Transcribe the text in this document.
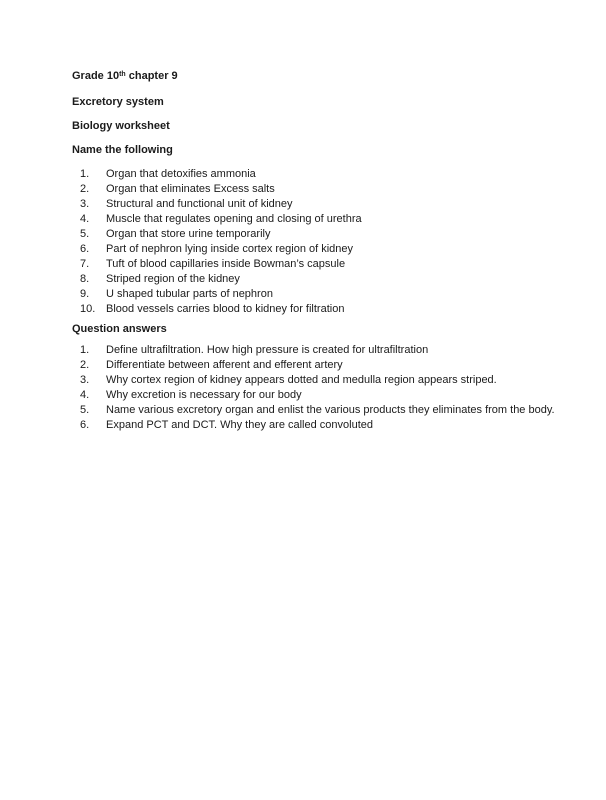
Grade 10th chapter 9

Excretory system

Biology worksheet

Name the following

1.	Organ that detoxifies ammonia
2.	Organ that eliminates Excess salts
3.	Structural and functional unit of kidney
4.	Muscle that regulates opening and closing of urethra
5.	Organ that store urine temporarily
6.	Part of nephron lying inside cortex region of kidney
7.	Tuft of blood capillaries inside Bowman’s capsule
8.	Striped region of the kidney
9.	U shaped tubular parts of nephron
10. Blood vessels carries blood to kidney for filtration

Question answers

1.	Define ultrafiltration. How high pressure is created for ultrafiltration
2.	Differentiate between afferent and efferent artery
3.	Why cortex region of kidney appears dotted and medulla region appears striped.
4.	Why excretion is necessary for our body
5.	Name various excretory organ and enlist the various products they eliminates from the body.
6.	Expand PCT and DCT. Why they are called convoluted
